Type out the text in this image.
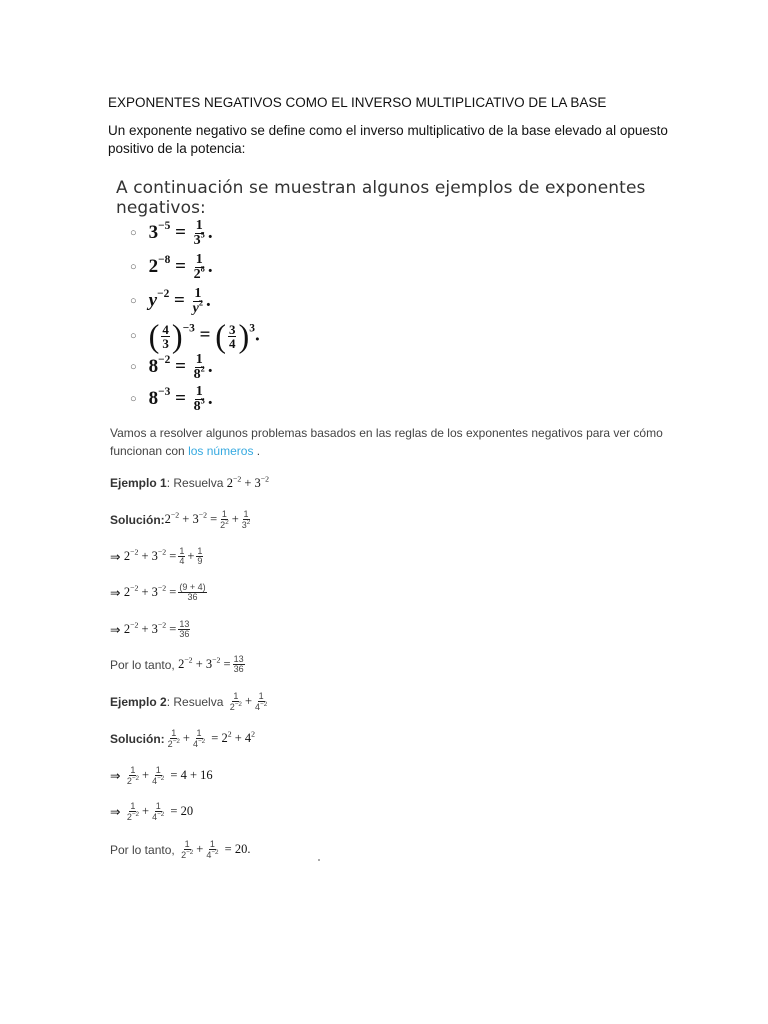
EXPONENTES NEGATIVOS COMO EL INVERSO MULTIPLICATIVO DE LA BASE
Un exponente negativo se define como el inverso multiplicativo de la base elevado al opuesto
positivo de la potencia:
A continuación se muestran algunos ejemplos de exponentes negativos:
○ $3^{-5} = \frac{1}{3^5}$ .
○ $2^{-8} = \frac{1}{2^8}$ .
○ $y^{-2} = \frac{1}{y^2}$ .
○ ( $\frac{4}{3} )^{-3}$ = ( $\frac{3}{4} )^3$.
○ $8^{-2} = \frac{1}{8^2}$ .
○ $8^{-3} = \frac{1}{8^3}$ .
Vamos a resolver algunos problemas basados en las reglas de los exponentes negativos para ver cómo
funcionan con los números .
Ejemplo 1: Resuelva $2^{-2} + 3^{-2}$
Solución: $2^{-2} + 3^{-2} = \frac{1}{2^2} + \frac{1}{3^2}$
⇒
$2^{-2} + 3^{-2} = \frac{1}{4} + \frac{1}{9}$
⇒
$2^{-2} + 3^{-2} = \frac{(9 + 4)}{36}$
⇒
$2^{-2} + 3^{-2} = \frac{13}{36}$
Por lo tanto,
$2^{-2} + 3^{-2} = \frac{13}{36}$
Ejemplo 2 : Resuelva
$\frac{1}{2^{-2}} + \frac{1}{4^{-2}}$
Solución: $\frac{1}{2^{-2}} + \frac{1}{4^{-2}} = 2^2 + 4^2$
⇒
$\frac{1}{2^{-2}} + \frac{1}{4^{-2}} = 4 + 16$
⇒
$\frac{1}{2^{-2}} + \frac{1}{4^{-2}} = 20$
Por lo tanto,
$\frac{1}{2^{-2}} + \frac{1}{4^{-2}} = 20$.
